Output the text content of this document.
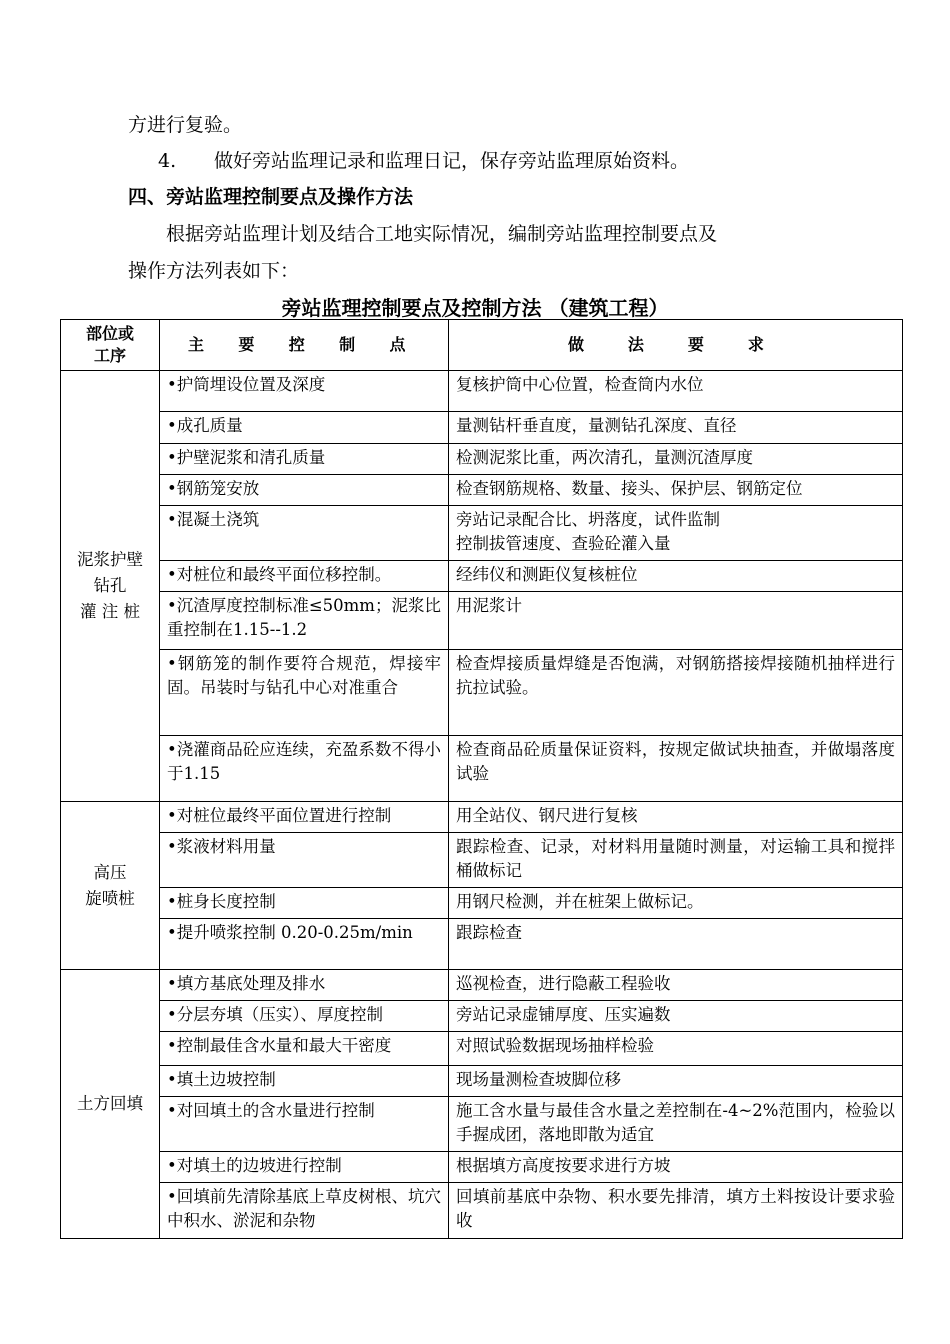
方进行复验。
4. 做好旁站监理记录和监理日记，保存旁站监理原始资料。
四、旁站监理控制要点及操作方法
根据旁站监理计划及结合工地实际情况，编制旁站监理控制要点及
操作方法列表如下：
旁站监理控制要点及控制方法 （建筑工程）
部位或
工序	主 要 控 制 点	做 法 要 求

泥浆护壁
钻孔
灌 注 桩	•护筒埋设位置及深度	复核护筒中心位置，检查筒内水位
	•成孔质量	量测钻杆垂直度，量测钻孔深度、直径
	•护壁泥浆和清孔质量	检测泥浆比重，两次清孔，量测沉渣厚度
	•钢筋笼安放	检查钢筋规格、数量、接头、保护层、钢筋定位
	•混凝土浇筑	旁站记录配合比、坍落度，试件监制
控制拔管速度、查验砼灌入量
	•对桩位和最终平面位移控制。	经纬仪和测距仪复核桩位
	•沉渣厚度控制标准≤50mm；泥浆比重控制在1.15--1.2	用泥浆计
	•钢筋笼的制作要符合规范，焊接牢固。吊装时与钻孔中心对准重合	检查焊接质量焊缝是否饱满，对钢筋搭接焊接随机抽样进行抗拉试验。
	•浇灌商品砼应连续，充盈系数不得小于1.15	检查商品砼质量保证资料，按规定做试块抽查，并做塌落度试验

高压
旋喷桩	•对桩位最终平面位置进行控制	用全站仪、钢尺进行复核
	•浆液材料用量	跟踪检查、记录，对材料用量随时测量，对运输工具和搅拌桶做标记
	•桩身长度控制	用钢尺检测，并在桩架上做标记。
	•提升喷浆控制 0.20-0.25m/min	跟踪检查

土方回填	•填方基底处理及排水	巡视检查，进行隐蔽工程验收
	•分层夯填（压实）、厚度控制	旁站记录虚铺厚度、压实遍数
	•控制最佳含水量和最大干密度	对照试验数据现场抽样检验
	•填土边坡控制	现场量测检查坡脚位移
	•对回填土的含水量进行控制	施工含水量与最佳含水量之差控制在-4~2%范围内，检验以手握成团，落地即散为适宜
	•对填土的边坡进行控制	根据填方高度按要求进行方坡
	•回填前先清除基底上草皮树根、坑穴中积水、淤泥和杂物	回填前基底中杂物、积水要先排清，填方土料按设计要求验收
